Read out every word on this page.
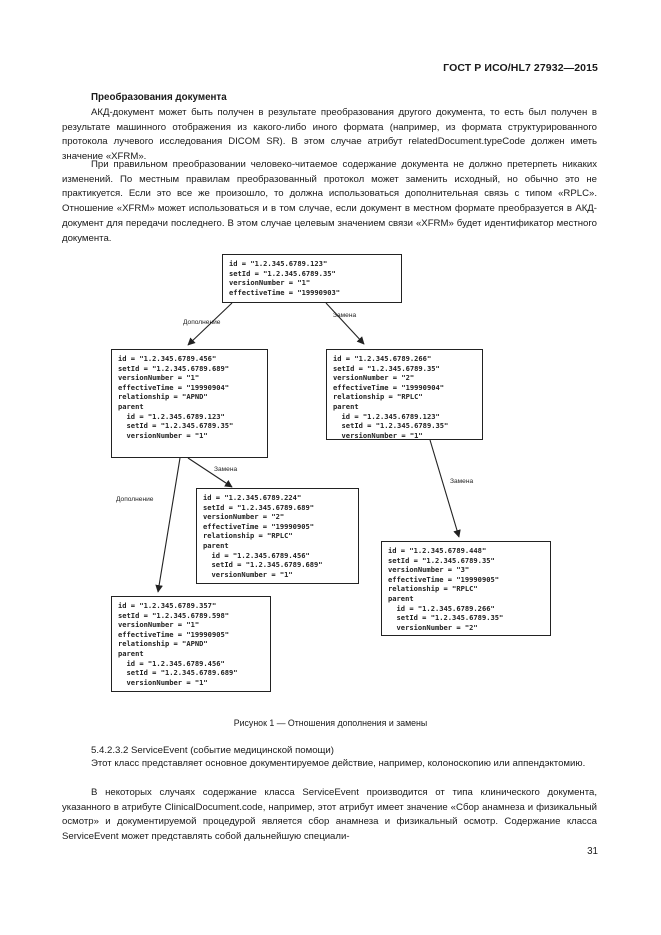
ГОСТ Р ИСО/HL7 27932—2015
Преобразования документа
АКД-документ может быть получен в результате преобразования другого документа, то есть был получен в результате машинного отображения из какого-либо иного формата (например, из формата структурированного протокола лучевого исследования DICOM SR). В этом случае атрибут relatedDocument.typeCode должен иметь значение «XFRM».
При правильном преобразовании человеко-читаемое содержание документа не должно претерпеть никаких изменений. По местным правилам преобразованный протокол может заменить исходный, но обычно это не практикуется. Если это все же произошло, то должна использоваться дополнительная связь с типом «RPLC». Отношение «XFRM» может использоваться и в том случае, если документ в местном формате преобразуется в АКД-документ для передачи последнего. В этом случае целевым значением связи «XFRM» будет идентификатор местного документа.
Дополнение
Замена
Замена
Дополнение
Замена
id = "1.2.345.6789.123"
setId = "1.2.345.6789.35"
versionNumber = "1"
effectiveTime = "19990903"
id = "1.2.345.6789.456"
setId = "1.2.345.6789.689"
versionNumber = "1"
effectiveTime = "19990904"
relationship = "APND"
parent
id = "1.2.345.6789.123"
setId = "1.2.345.6789.35"
versionNumber = "1"
id = "1.2.345.6789.266"
setId = "1.2.345.6789.35"
versionNumber = "2"
effectiveTime = "19990904"
relationship = "RPLC"
parent
id = "1.2.345.6789.123"
setId = "1.2.345.6789.35"
versionNumber = "1"
id = "1.2.345.6789.224"
setId = "1.2.345.6789.689"
versionNumber = "2"
effectiveTime = "19990905"
relationship = "RPLC"
parent
id = "1.2.345.6789.456"
setId = "1.2.345.6789.689"
versionNumber = "1"
id = "1.2.345.6789.448"
setId = "1.2.345.6789.35"
versionNumber = "3"
effectiveTime = "19990905"
relationship = "RPLC"
parent
id = "1.2.345.6789.266"
setId = "1.2.345.6789.35"
versionNumber = "2"
id = "1.2.345.6789.357"
setId = "1.2.345.6789.598"
versionNumber = "1"
effectiveTime = "19990905"
relationship = "APND"
parent
id = "1.2.345.6789.456"
setId = "1.2.345.6789.689"
versionNumber = "1"
Рисунок 1 — Отношения дополнения и замены
5.4.2.3.2 ServiceEvent (событие медицинской помощи)
Этот класс представляет основное документируемое действие, например, колоноскопию или аппендэктомию.
В некоторых случаях содержание класса ServiceEvent производится от типа клинического документа, указанного в атрибуте ClinicalDocument.code, например, этот атрибут имеет значение «Сбор анамнеза и физикальный осмотр» и документируемой процедурой является сбор анамнеза и физикальный осмотр. Содержание класса ServiceEvent может представлять собой дальнейшую специали-
31
